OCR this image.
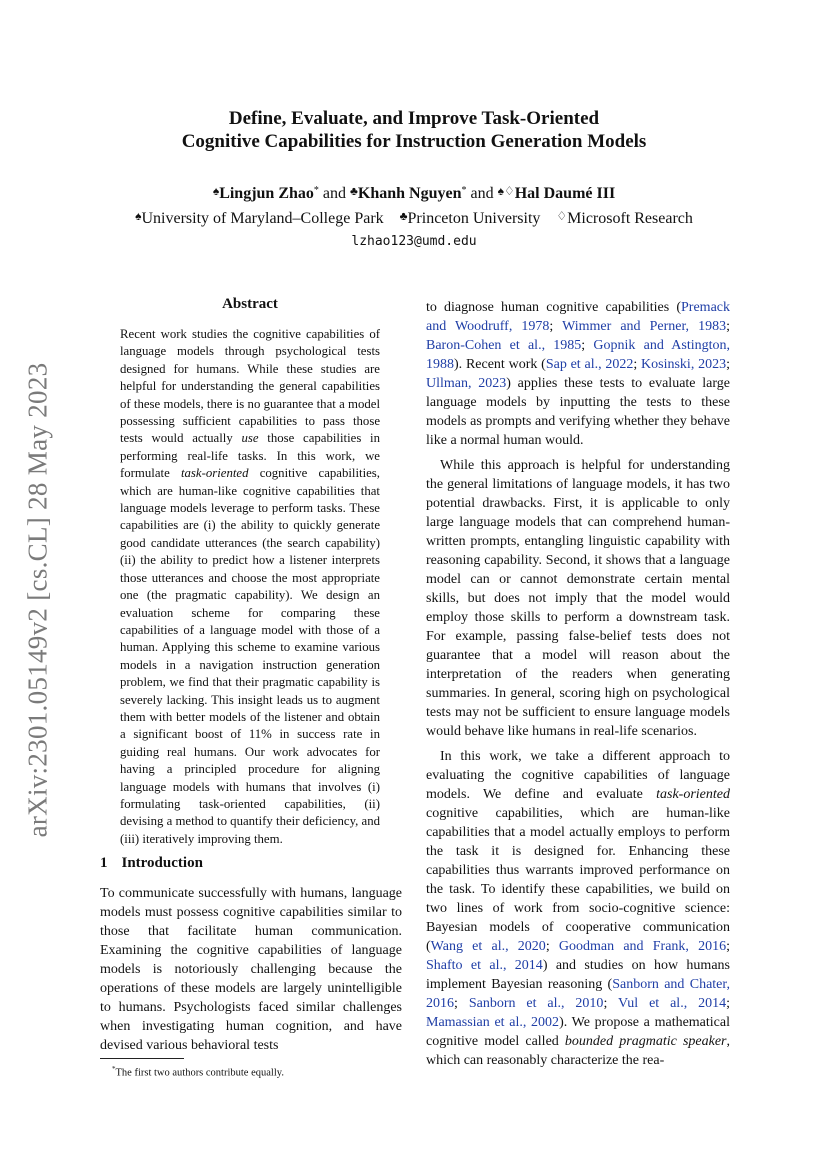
arXiv:2301.05149v2 [cs.CL] 28 May 2023
Define, Evaluate, and Improve Task-Oriented
Cognitive Capabilities for Instruction Generation Models
♠Lingjun Zhao* and ♣Khanh Nguyen* and ♠♢Hal Daumé III
♠University of Maryland–College Park ♣Princeton University ♢Microsoft Research
lzhao123@umd.edu
Abstract

Recent work studies the cognitive capabilities of language models through psychological tests designed for humans. While these studies are helpful for understanding the general capabilities of these models, there is no guarantee that a model possessing sufficient capabilities to pass those tests would actually use those capabilities in performing real-life tasks. In this work, we formulate task-oriented cognitive capabilities, which are human-like cognitive capabilities that language models leverage to perform tasks. These capabilities are (i) the ability to quickly generate good candidate utterances (the search capability) (ii) the ability to predict how a listener interprets those utterances and choose the most appropriate one (the pragmatic capability). We design an evaluation scheme for comparing these capabilities of a language model with those of a human. Applying this scheme to examine various models in a navigation instruction generation problem, we find that their pragmatic capability is severely lacking. This insight leads us to augment them with better models of the listener and obtain a significant boost of 11% in success rate in guiding real humans. Our work advocates for having a principled procedure for aligning language models with humans that involves (i) formulating task-oriented capabilities, (ii) devising a method to quantify their deficiency, and (iii) iteratively improving them.

1 Introduction

To communicate successfully with humans, language models must possess cognitive capabilities similar to those that facilitate human communication. Examining the cognitive capabilities of language models is notoriously challenging because the operations of these models are largely unintelligible to humans. Psychologists faced similar challenges when investigating human cognition, and have devised various behavioral tests

*The first two authors contribute equally.

to diagnose human cognitive capabilities (Premack and Woodruff, 1978; Wimmer and Perner, 1983; Baron-Cohen et al., 1985; Gopnik and Astington, 1988). Recent work (Sap et al., 2022; Kosinski, 2023; Ullman, 2023) applies these tests to evaluate large language models by inputting the tests to these models as prompts and verifying whether they behave like a normal human would.

While this approach is helpful for understanding the general limitations of language models, it has two potential drawbacks. First, it is applicable to only large language models that can comprehend human-written prompts, entangling linguistic capability with reasoning capability. Second, it shows that a language model can or cannot demonstrate certain mental skills, but does not imply that the model would employ those skills to perform a downstream task. For example, passing false-belief tests does not guarantee that a model will reason about the interpretation of the readers when generating summaries. In general, scoring high on psychological tests may not be sufficient to ensure language models would behave like humans in real-life scenarios.

In this work, we take a different approach to evaluating the cognitive capabilities of language models. We define and evaluate task-oriented cognitive capabilities, which are human-like capabilities that a model actually employs to perform the task it is designed for. Enhancing these capabilities thus warrants improved performance on the task. To identify these capabilities, we build on two lines of work from socio-cognitive science: Bayesian models of cooperative communication (Wang et al., 2020; Goodman and Frank, 2016; Shafto et al., 2014) and studies on how humans implement Bayesian reasoning (Sanborn and Chater, 2016; Sanborn et al., 2010; Vul et al., 2014; Mamassian et al., 2002). We propose a mathematical cognitive model called bounded pragmatic speaker, which can reasonably characterize the rea-
